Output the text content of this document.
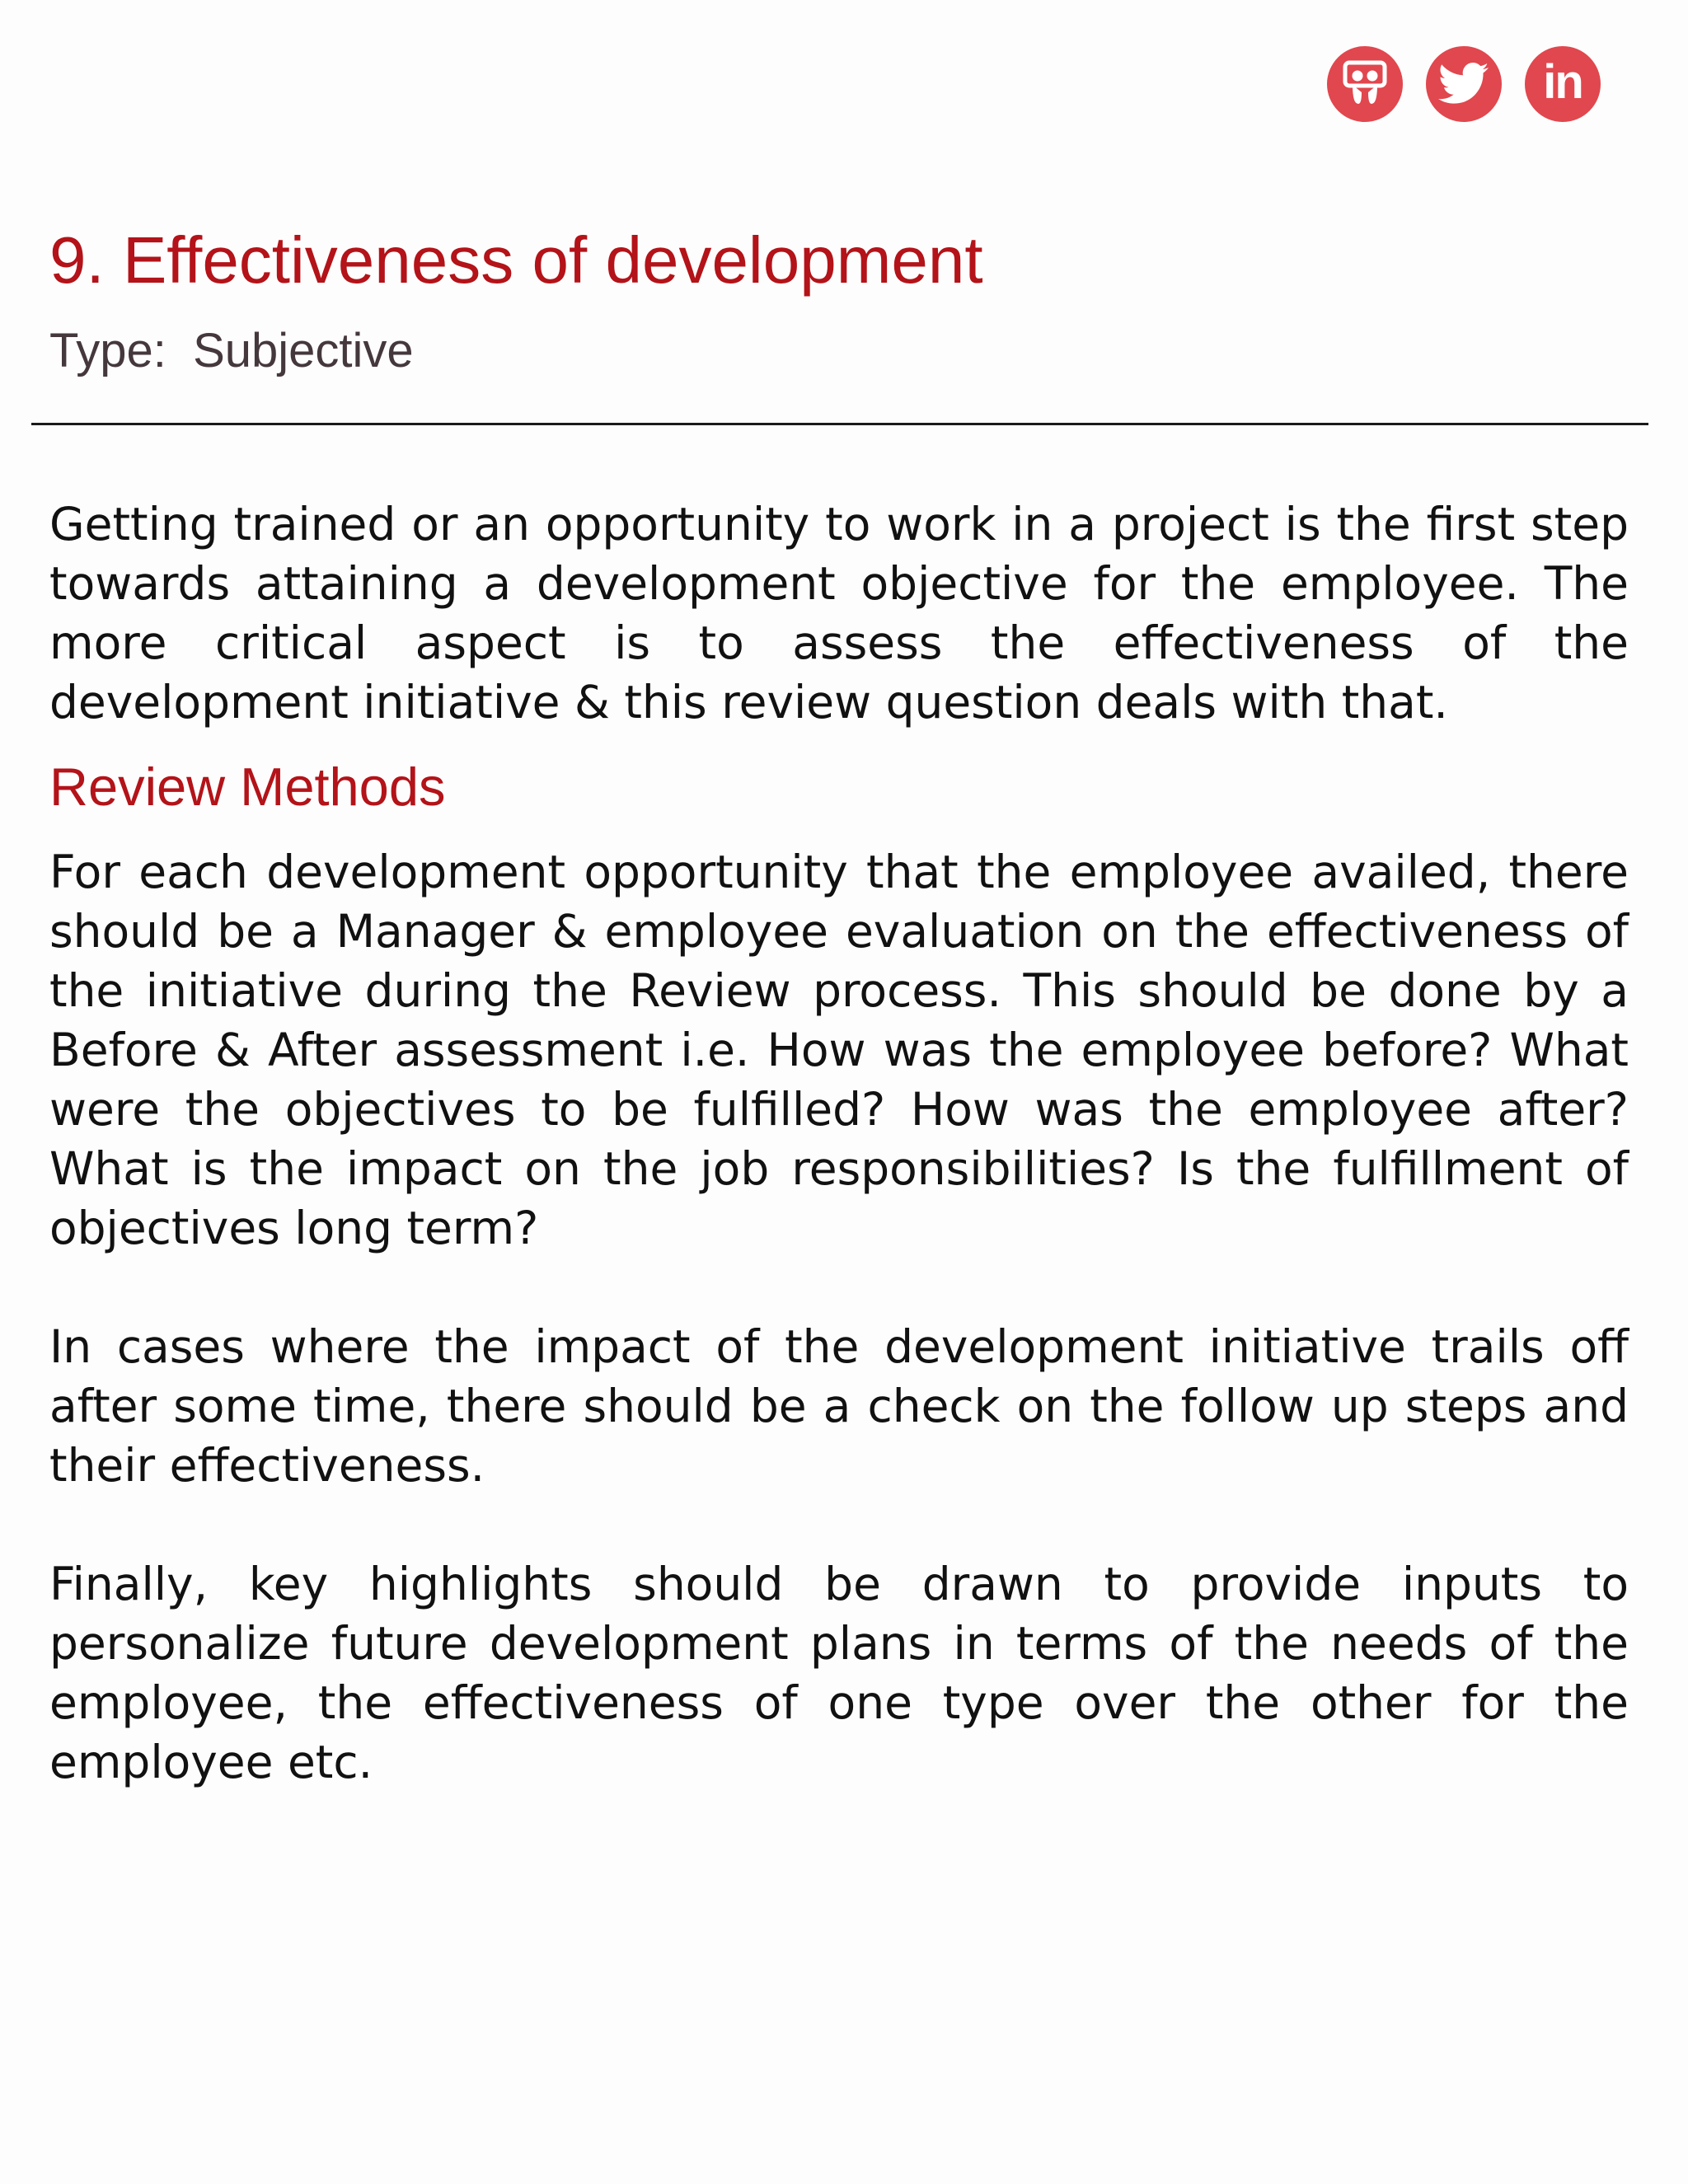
in
9. Effectiveness of development
Type: Subjective

Getting trained or an opportunity to work in a project is the first step towards attaining a development objective for the employee. The more critical aspect is to assess the effectiveness of the development initiative & this review question deals with that.

Review Methods

For each development opportunity that the employee availed, there should be a Manager & employee evaluation on the effectiveness of the initiative during the Review process. This should be done by a Before & After assessment i.e. How was the employee before? What were the objectives to be fulfilled? How was the employee after? What is the impact on the job responsibilities? Is the fulfillment of objectives long term?

In cases where the impact of the development initiative trails off after some time, there should be a check on the follow up steps and their effectiveness.

Finally, key highlights should be drawn to provide inputs to personalize future development plans in terms of the needs of the employee, the effectiveness of one type over the other for the employee etc.
